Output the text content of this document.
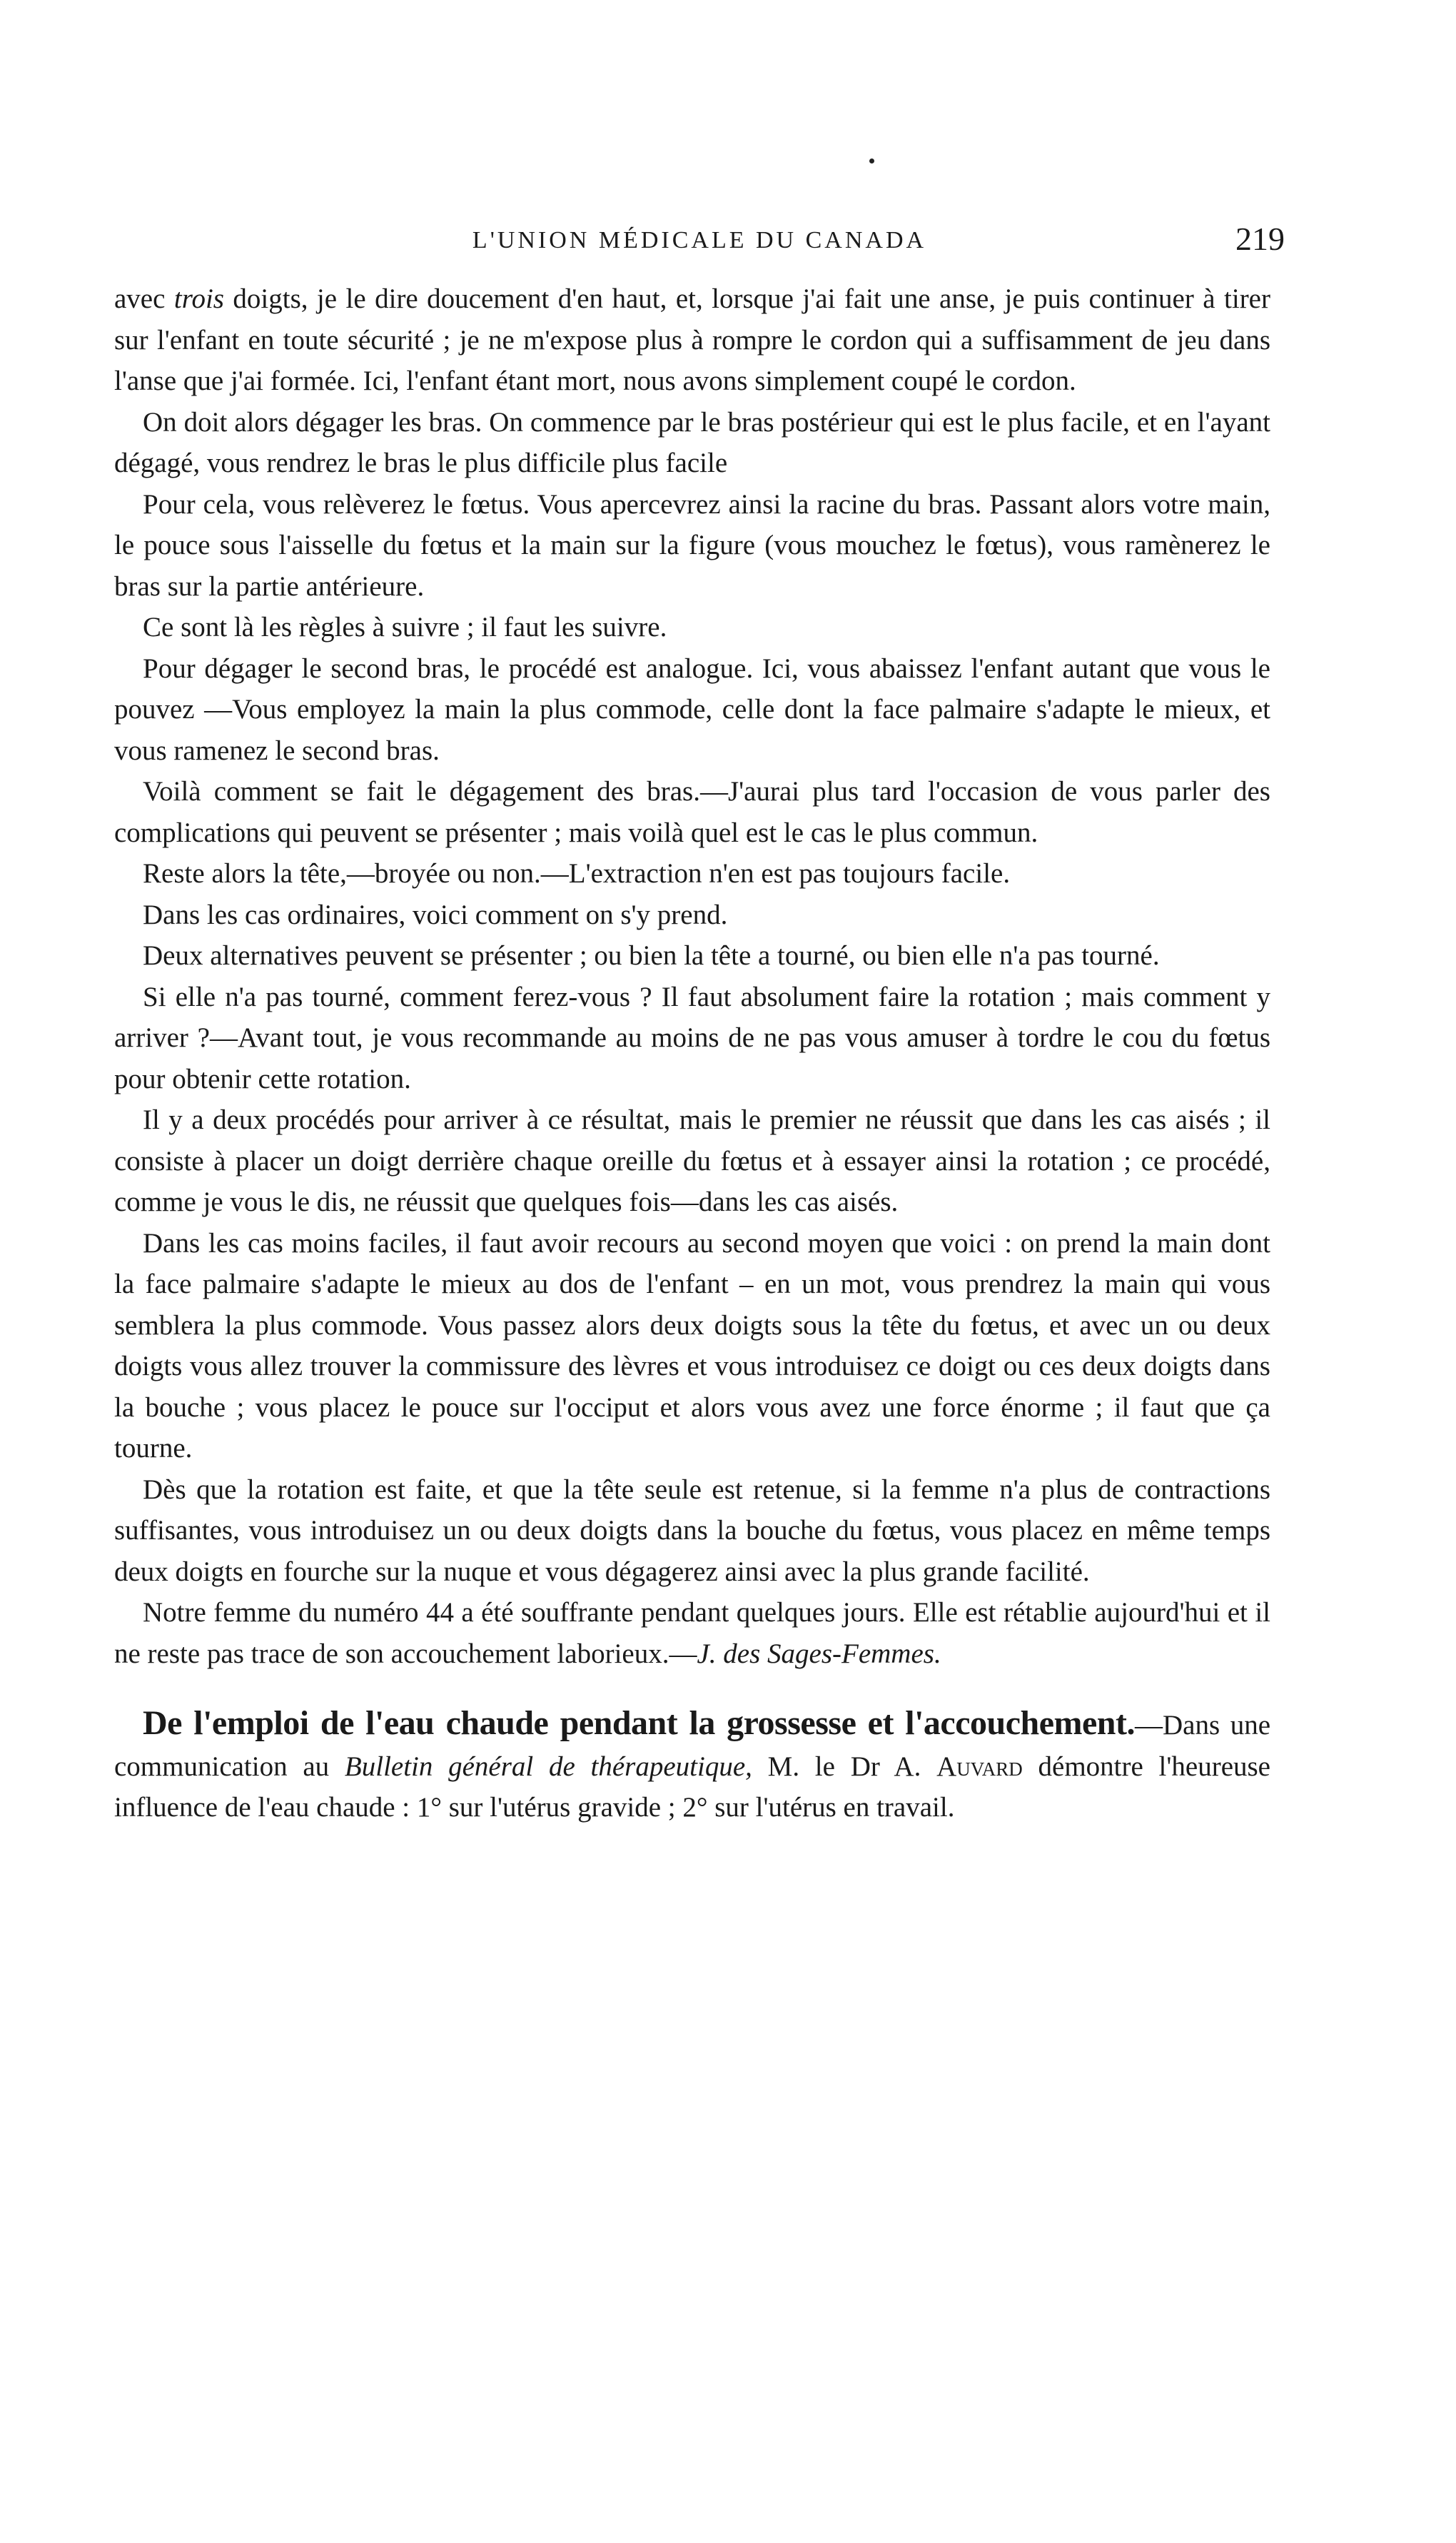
L'UNION MÉDICALE DU CANADA	219

avec trois doigts, je le dire doucement d'en haut, et, lorsque j'ai fait une anse, je puis continuer à tirer sur l'enfant en toute sécurité ; je ne m'expose plus à rompre le cordon qui a suffisamment de jeu dans l'anse que j'ai formée. Ici, l'enfant étant mort, nous avons simplement coupé le cordon.

On doit alors dégager les bras. On commence par le bras postérieur qui est le plus facile, et en l'ayant dégagé, vous rendrez le bras le plus difficile plus facile

Pour cela, vous relèverez le fœtus. Vous apercevrez ainsi la racine du bras. Passant alors votre main, le pouce sous l'aisselle du fœtus et la main sur la figure (vous mouchez le fœtus), vous ramènerez le bras sur la partie antérieure.

Ce sont là les règles à suivre ; il faut les suivre.

Pour dégager le second bras, le procédé est analogue. Ici, vous abaissez l'enfant autant que vous le pouvez —Vous employez la main la plus commode, celle dont la face palmaire s'adapte le mieux, et vous ramenez le second bras.

Voilà comment se fait le dégagement des bras.—J'aurai plus tard l'occasion de vous parler des complications qui peuvent se présenter ; mais voilà quel est le cas le plus commun.

Reste alors la tête,—broyée ou non.—L'extraction n'en est pas toujours facile.

Dans les cas ordinaires, voici comment on s'y prend.

Deux alternatives peuvent se présenter ; ou bien la tête a tourné, ou bien elle n'a pas tourné.

Si elle n'a pas tourné, comment ferez-vous ? Il faut absolument faire la rotation ; mais comment y arriver ?—Avant tout, je vous recommande au moins de ne pas vous amuser à tordre le cou du fœtus pour obtenir cette rotation.

Il y a deux procédés pour arriver à ce résultat, mais le premier ne réussit que dans les cas aisés ; il consiste à placer un doigt derrière chaque oreille du fœtus et à essayer ainsi la rotation ; ce procédé, comme je vous le dis, ne réussit que quelques fois—dans les cas aisés.

Dans les cas moins faciles, il faut avoir recours au second moyen que voici : on prend la main dont la face palmaire s'adapte le mieux au dos de l'enfant – en un mot, vous prendrez la main qui vous semblera la plus commode. Vous passez alors deux doigts sous la tête du fœtus, et avec un ou deux doigts vous allez trouver la commissure des lèvres et vous introduisez ce doigt ou ces deux doigts dans la bouche ; vous placez le pouce sur l'occiput et alors vous avez une force énorme ; il faut que ça tourne.

Dès que la rotation est faite, et que la tête seule est retenue, si la femme n'a plus de contractions suffisantes, vous introduisez un ou deux doigts dans la bouche du fœtus, vous placez en même temps deux doigts en fourche sur la nuque et vous dégagerez ainsi avec la plus grande facilité.

Notre femme du numéro 44 a été souffrante pendant quelques jours. Elle est rétablie aujourd'hui et il ne reste pas trace de son accouchement laborieux.—J. des Sages-Femmes.

De l'emploi de l'eau chaude pendant la grossesse et l'accouchement.—Dans une communication au Bulletin général de thérapeutique, M. le Dr A. Auvard démontre l'heureuse influence de l'eau chaude : 1° sur l'utérus gravide ; 2° sur l'utérus en travail.
